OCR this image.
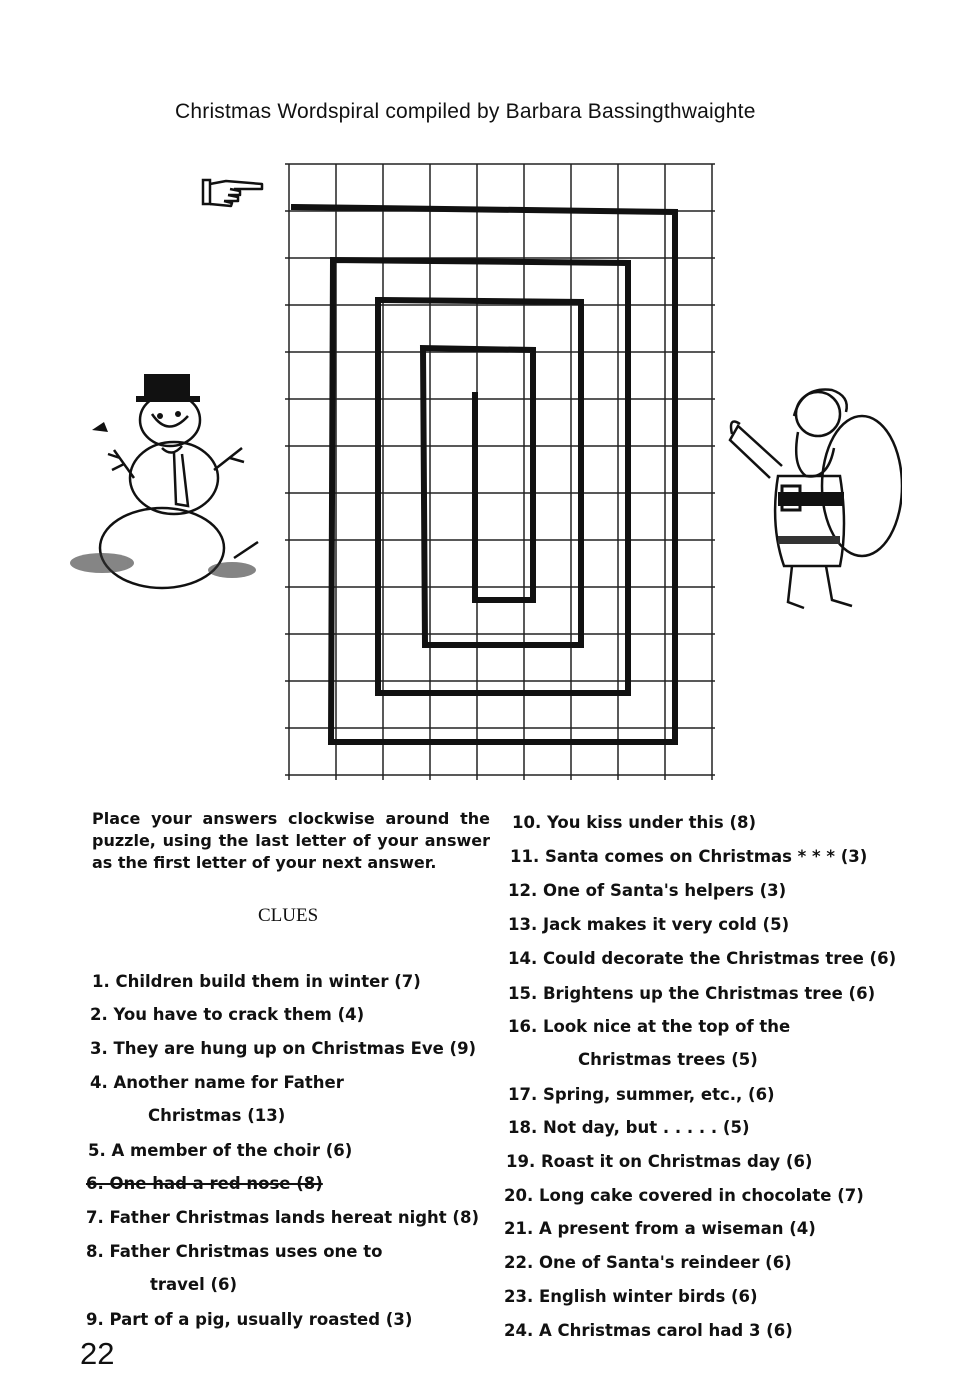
Christmas Wordspiral compiled by Barbara Bassingthwaighte
Place your answers clockwise around the puzzle, using the last letter of your answer as the first letter of your next answer.
CLUES
1. Children build them in winter (7)
2. You have to crack them (4)
3. They are hung up on Christmas Eve (9)
4. Another name for Father
Christmas (13)
5. A member of the choir (6)
6. One had a red nose (8)
7. Father Christmas lands hereat night (8)
8. Father Christmas uses one to
travel (6)
9. Part of a pig, usually roasted (3)
10. You kiss under this (8)
11. Santa comes on Christmas * * * (3)
12. One of Santa's helpers (3)
13. Jack makes it very cold (5)
14. Could decorate the Christmas tree (6)
15. Brightens up the Christmas tree (6)
16. Look nice at the top of the
Christmas trees (5)
17. Spring, summer, etc., (6)
18. Not day, but . . . . . (5)
19. Roast it on Christmas day (6)
20. Long cake covered in chocolate (7)
21. A present from a wiseman (4)
22. One of Santa's reindeer (6)
23. English winter birds (6)
24. A Christmas carol had 3 (6)
22
